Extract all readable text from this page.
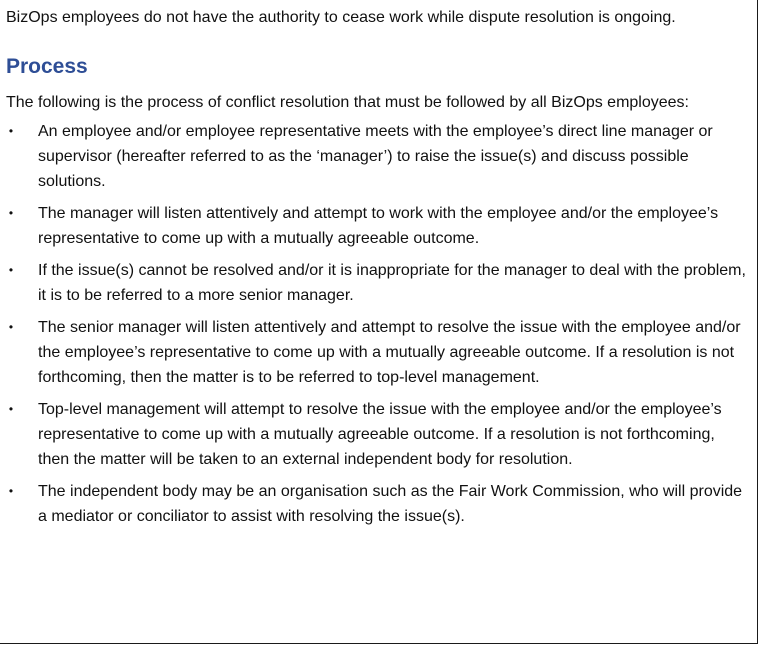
BizOps employees do not have the authority to cease work while dispute resolution is ongoing.

Process

The following is the process of conflict resolution that must be followed by all BizOps employees:

• An employee and/or employee representative meets with the employee’s direct line manager or supervisor (hereafter referred to as the ‘manager’) to raise the issue(s) and discuss possible solutions.
• The manager will listen attentively and attempt to work with the employee and/or the employee’s representative to come up with a mutually agreeable outcome.
• If the issue(s) cannot be resolved and/or it is inappropriate for the manager to deal with the problem, it is to be referred to a more senior manager.
• The senior manager will listen attentively and attempt to resolve the issue with the employee and/or the employee’s representative to come up with a mutually agreeable outcome. If a resolution is not forthcoming, then the matter is to be referred to top-level management.
• Top-level management will attempt to resolve the issue with the employee and/or the employee’s representative to come up with a mutually agreeable outcome. If a resolution is not forthcoming, then the matter will be taken to an external independent body for resolution.
• The independent body may be an organisation such as the Fair Work Commission, who will provide a mediator or conciliator to assist with resolving the issue(s).
